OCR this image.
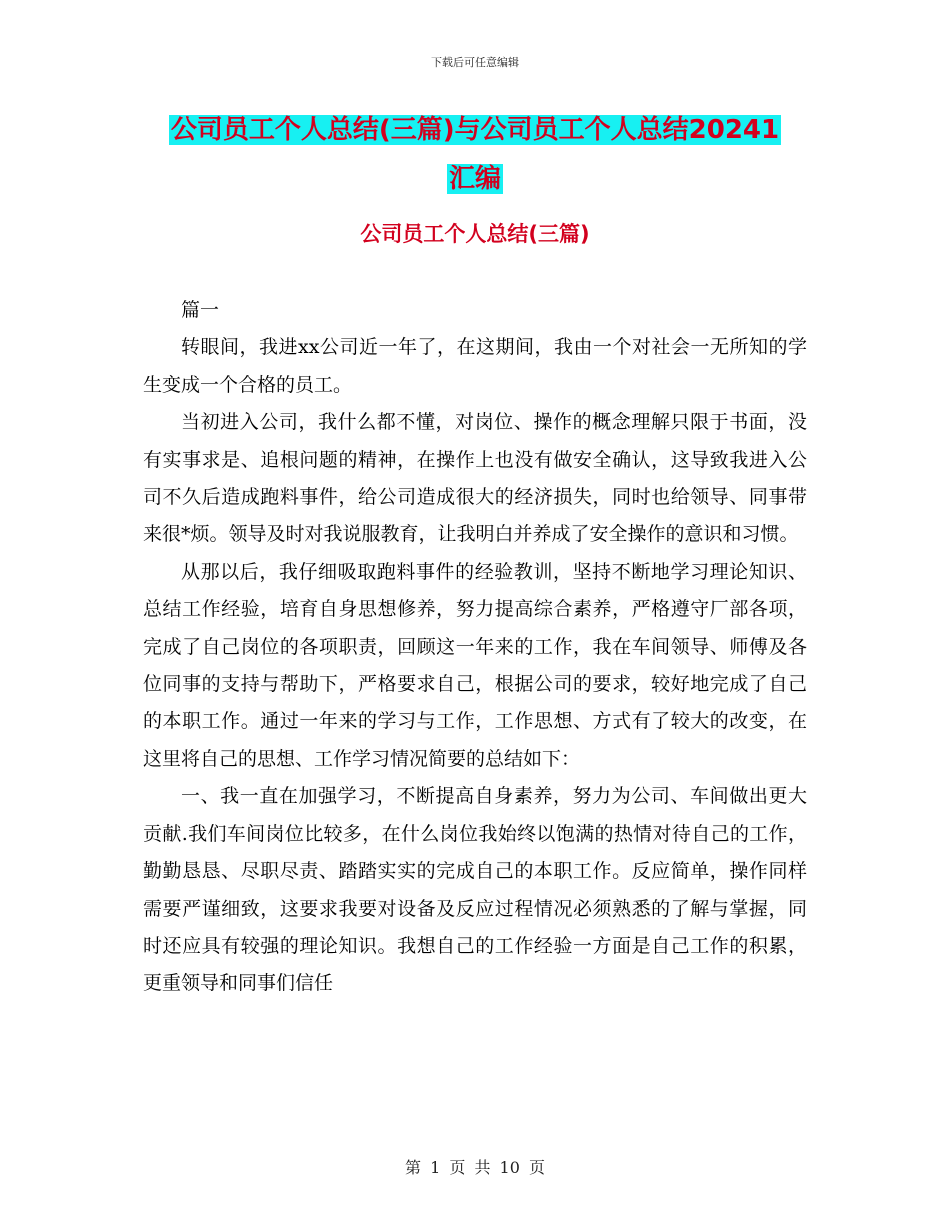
下载后可任意编辑
公司员工个人总结(三篇)与公司员工个人总结20241
汇编
公司员工个人总结(三篇)

篇一

转眼间，我进xx公司近一年了，在这期间，我由一个对社会一无所知的学生变成一个合格的员工。

当初进入公司，我什么都不懂，对岗位、操作的概念理解只限于书面，没有实事求是、追根问题的精神，在操作上也没有做安全确认，这导致我进入公司不久后造成跑料事件，给公司造成很大的经济损失，同时也给领导、同事带来很*烦。领导及时对我说服教育，让我明白并养成了安全操作的意识和习惯。

从那以后，我仔细吸取跑料事件的经验教训，坚持不断地学习理论知识、总结工作经验，培育自身思想修养，努力提高综合素养，严格遵守厂部各项，完成了自己岗位的各项职责，回顾这一年来的工作，我在车间领导、师傅及各位同事的支持与帮助下，严格要求自己，根据公司的要求，较好地完成了自己的本职工作。通过一年来的学习与工作，工作思想、方式有了较大的改变，在这里将自己的思想、工作学习情况简要的总结如下：

一、我一直在加强学习，不断提高自身素养，努力为公司、车间做出更大贡献.我们车间岗位比较多，在什么岗位我始终以饱满的热情对待自己的工作，勤勤恳恳、尽职尽责、踏踏实实的完成自己的本职工作。反应简单，操作同样需要严谨细致，这要求我要对设备及反应过程情况必须熟悉的了解与掌握，同时还应具有较强的理论知识。我想自己的工作经验一方面是自己工作的积累，更重领导和同事们信任

第 1 页 共 10 页
